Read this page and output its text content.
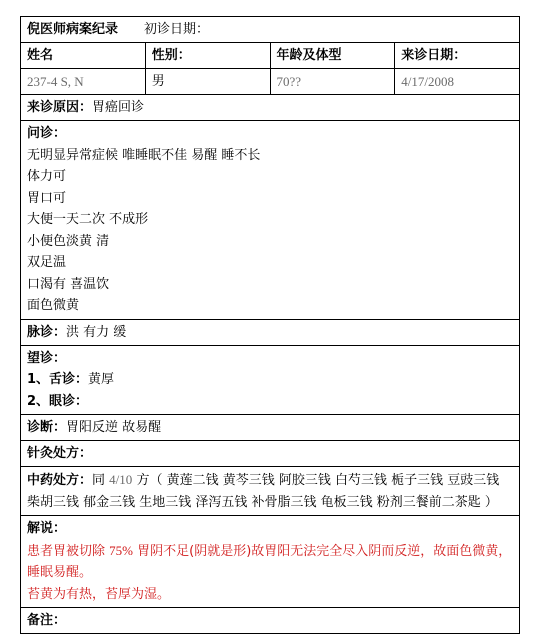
倪医师病案纪录 初诊日期：
姓名	性别：	年龄及体型	来诊日期：
237-4 S, N	男	70??	4/17/2008
来诊原因：胃癌回诊
问诊：
无明显异常症候 唯睡眠不佳 易醒 睡不长
体力可
胃口可
大便一天二次 不成形
小便色淡黄 清
双足温
口渴有 喜温饮
面色微黄
脉诊：洪 有力 缓
望诊：
1、舌诊：黄厚
2、眼诊：
诊断：胃阳反逆 故易醒
针灸处方：
中药处方：同 4/10 方（ 黄莲二钱 黄芩三钱 阿胶三钱 白芍三钱 栀子三钱 豆豉三钱 柴胡三钱 郁金三钱 生地三钱 泽泻五钱 补骨脂三钱 龟板三钱 粉剂三餐前二茶匙 ）
解说：
患者胃被切除 75% 胃阴不足(阴就是形)故胃阳无法完全尽入阴而反逆，故面色微黄，睡眠易醒。
苔黄为有热，苔厚为湿。
备注：
